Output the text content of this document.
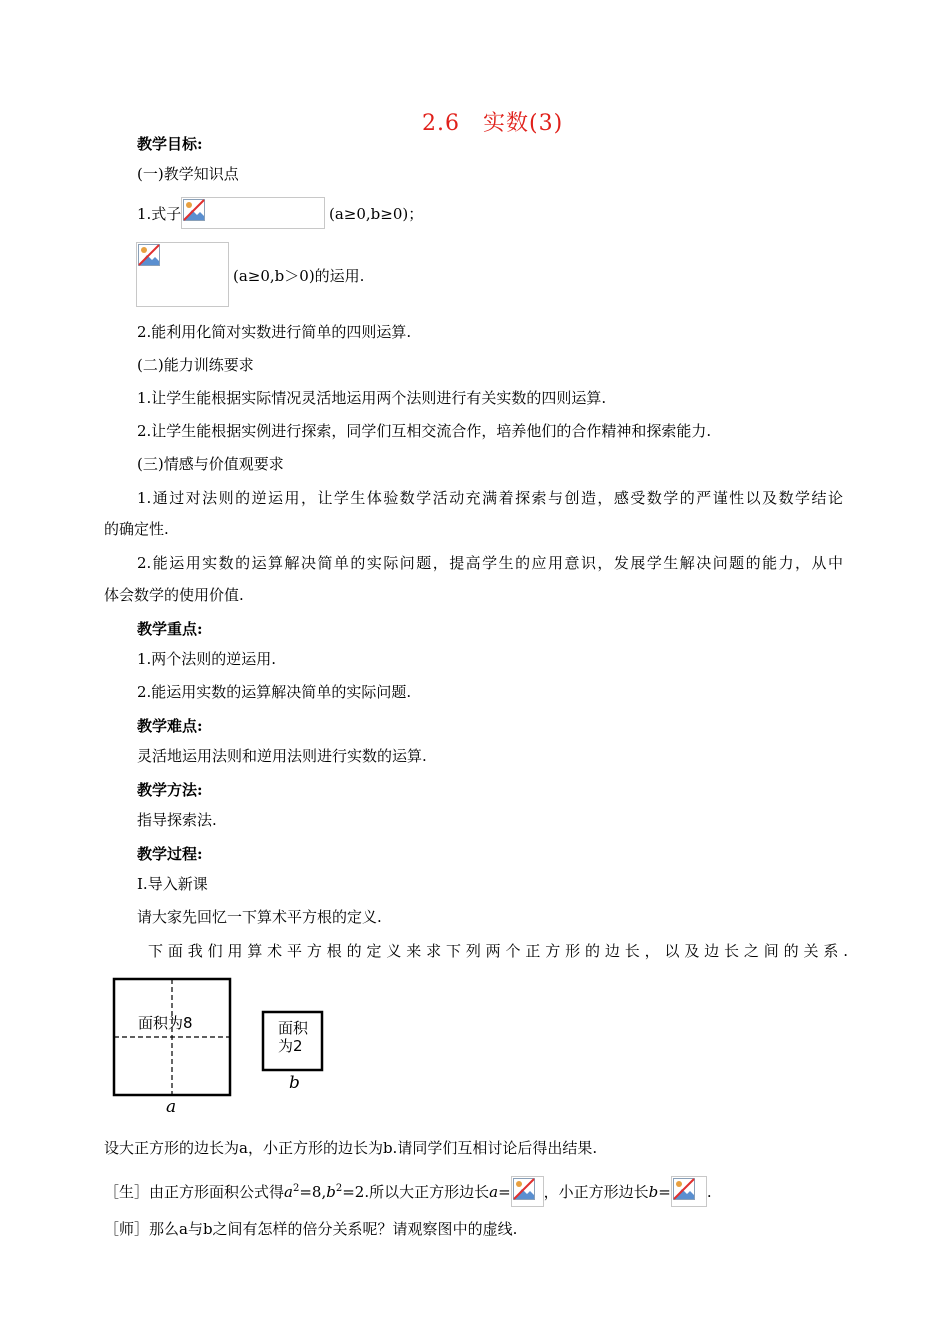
2.6　实数(3)
教学目标:
(一)教学知识点
1.式子	(a≥0,b≥0)；
(a≥0,b＞0)的运用.
2.能利用化简对实数进行简单的四则运算.
(二)能力训练要求
1.让学生能根据实际情况灵活地运用两个法则进行有关实数的四则运算.
2.让学生能根据实例进行探索，同学们互相交流合作，培养他们的合作精神和探索能力.
(三)情感与价值观要求
1.通过对法则的逆运用，让学生体验数学活动充满着探索与创造，感受数学的严谨性以及数学结论
的确定性.
2.能运用实数的运算解决简单的实际问题，提高学生的应用意识，发展学生解决问题的能力，从中
体会数学的使用价值.
教学重点:
1.两个法则的逆运用.
2.能运用实数的运算解决简单的实际问题.
教学难点:
灵活地运用法则和逆用法则进行实数的运算.
教学方法:
指导探索法.
教学过程:
Ⅰ.导入新课
请大家先回忆一下算术平方根的定义.
下面我们用算术平方根的定义来求下列两个正方形的边长，以及边长之间的关系.
面积为8
a
面积
为2
b
设大正方形的边长为a，小正方形的边长为b.请同学们互相讨论后得出结果.
［生］ 由正方形面积公式得 $a^2 =8$, $b^2 =2$.所以大正方形边长 a= ，小正方形边长 b= .
［师］那么a与b之间有怎样的倍分关系呢？请观察图中的虚线.
